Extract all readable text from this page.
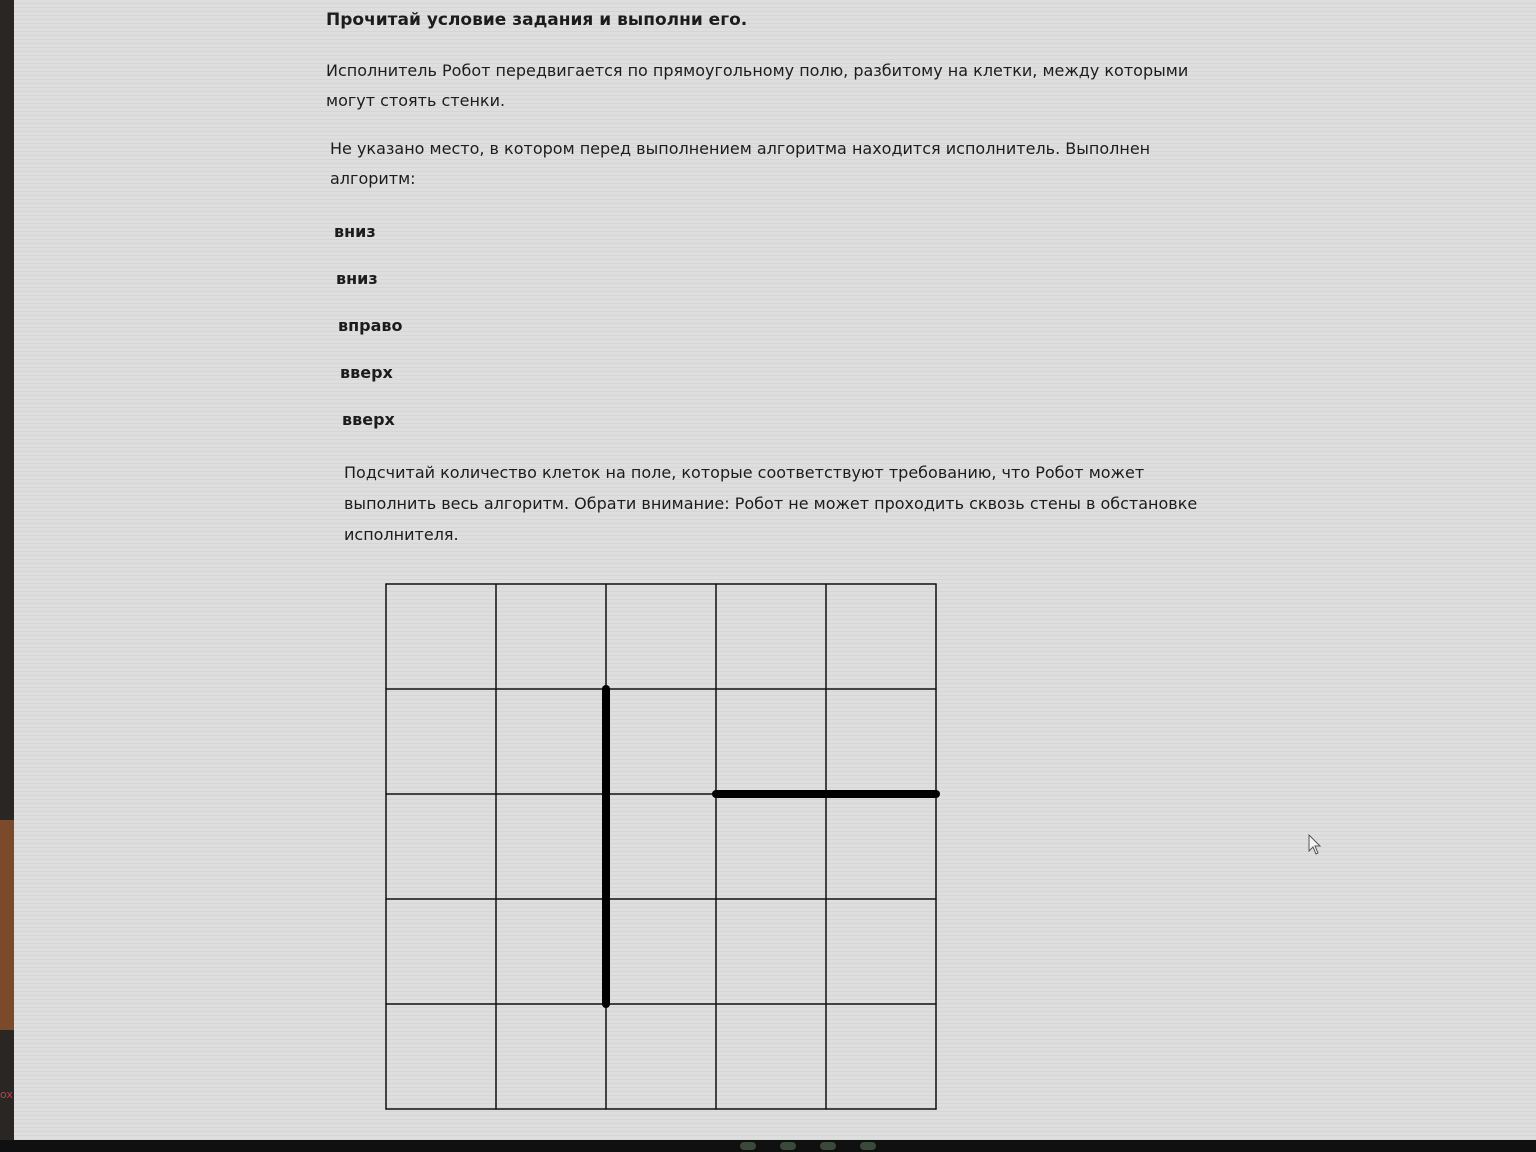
ox
Прочитай условие задания и выполни его.

Исполнитель Робот передвигается по прямоугольному полю, разбитому на клетки, между которыми могут стоять стенки.

Не указано место, в котором перед выполнением алгоритма находится исполнитель. Выполнен алгоритм:

вниз
вниз
вправо
вверх
вверх

Подсчитай количество клеток на поле, которые соответствуют требованию, что Робот может выполнить весь алгоритм. Обрати внимание: Робот не может проходить сквозь стены в обстановке исполнителя.
